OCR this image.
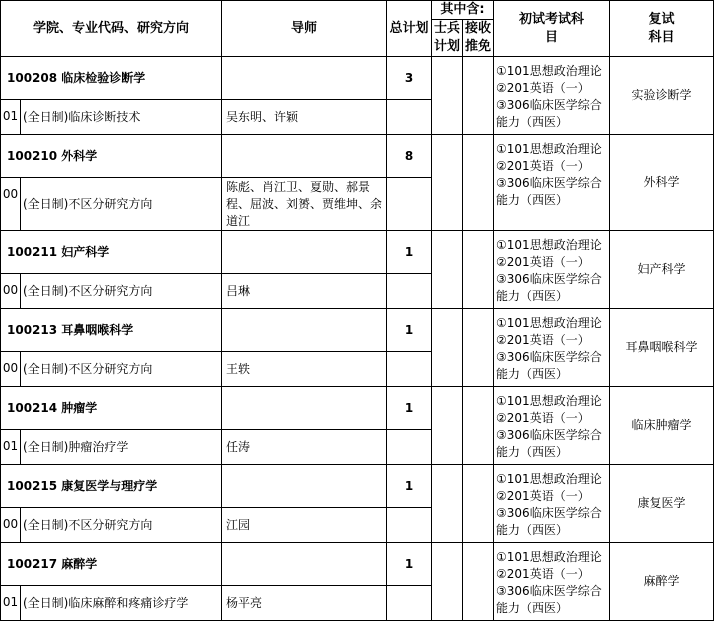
学院、专业代码、研究方向		导师	总计划	其中含:		初试考试科目	复试科目

				士兵计划	接收推免		

100208 临床检验诊断学			3			①101思想政治理论
②201英语（一）
③306临床医学综合
能力（西医）	实验诊断学
01	(全日制)临床诊断技术	吴东明、许颖					
100210 外科学			8			①101思想政治理论
②201英语（一）
③306临床医学综合
能力（西医）	外科学
00	(全日制)不区分研究方向	陈彪、肖江卫、夏勋、郝景程、屈波、刘赟、贾维坤、余道江					
100211 妇产科学			1			①101思想政治理论
②201英语（一）
③306临床医学综合
能力（西医）	妇产科学
00	(全日制)不区分研究方向	吕琳					
100213 耳鼻咽喉科学			1			①101思想政治理论
②201英语（一）
③306临床医学综合
能力（西医）	耳鼻咽喉科学
00	(全日制)不区分研究方向	王轶					
100214 肿瘤学			1			①101思想政治理论
②201英语（一）
③306临床医学综合
能力（西医）	临床肿瘤学
01	(全日制)肿瘤治疗学	任涛					
100215 康复医学与理疗学			1			①101思想政治理论
②201英语（一）
③306临床医学综合
能力（西医）	康复医学
00	(全日制)不区分研究方向	江园					
100217 麻醉学			1			①101思想政治理论
②201英语（一）
③306临床医学综合
能力（西医）	麻醉学
01	(全日制)临床麻醉和疼痛诊疗学	杨平亮					
